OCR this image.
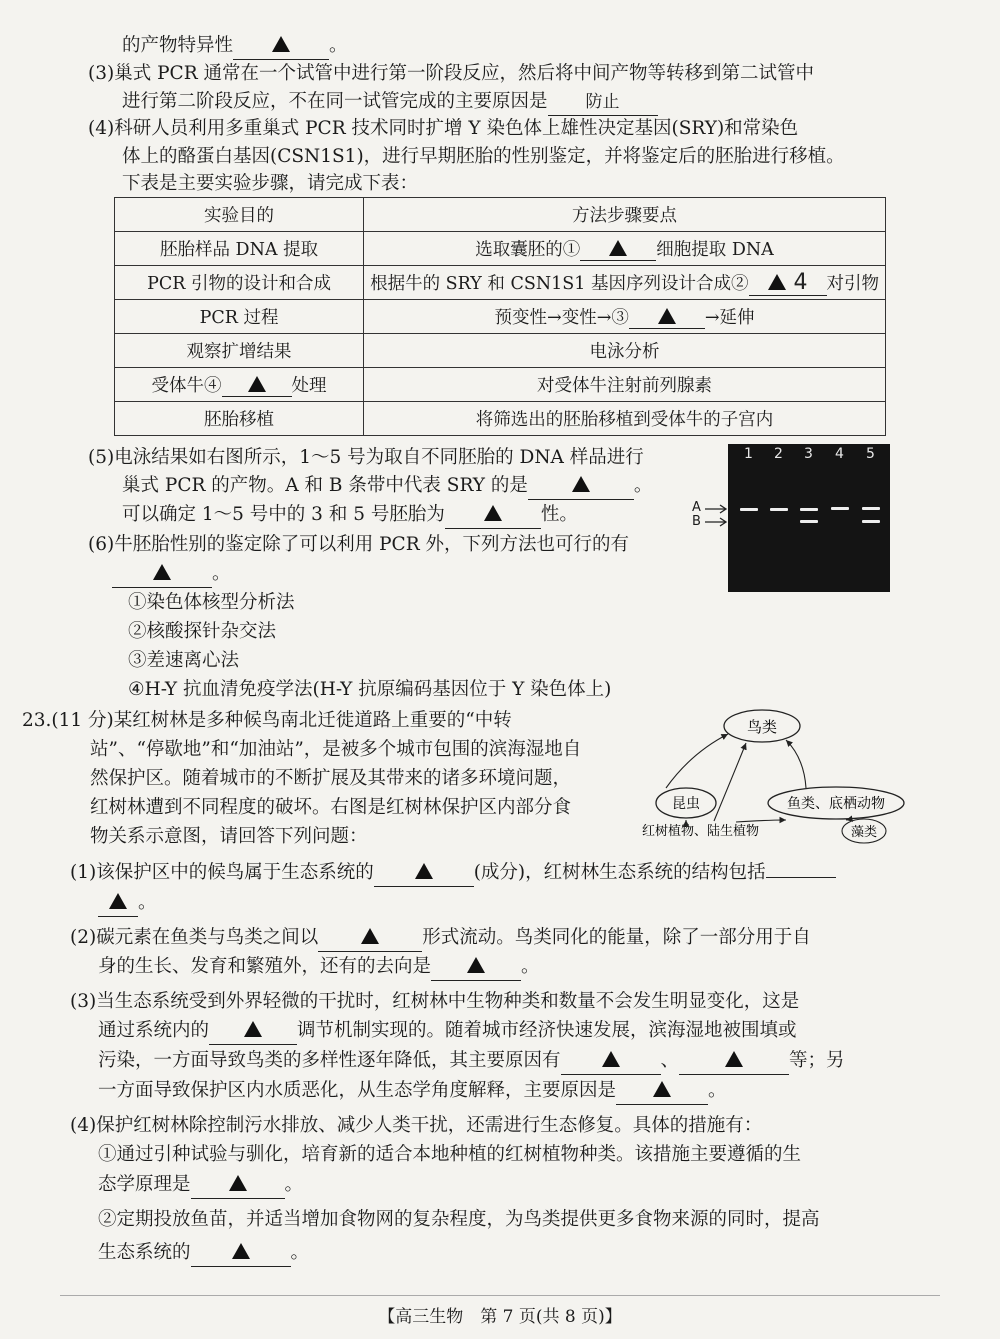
的产物特异性	。
(3)巢式 PCR 通常在一个试管中进行第一阶段反应，然后将中间产物等转移到第二试管中
进行第二阶段反应，不在同一试管完成的主要原因是 防止
(4)科研人员利用多重巢式 PCR 技术同时扩增 Y 染色体上雄性决定基因(SRY)和常染色
体上的酪蛋白基因(CSN1S1)，进行早期胚胎的性别鉴定，并将鉴定后的胚胎进行移植。
下表是主要实验步骤，请完成下表：
实验目的	方法步骤要点
胚胎样品 DNA 提取	选取囊胚的① 细胞提取 DNA
PCR 引物的设计和合成	根据牛的 SRY 和 CSN1S1 基因序列设计合成② 4 对引物
PCR 过程	预变性→变性→③ →延伸
观察扩增结果	电泳分析
受体牛④ 处理	对受体牛注射前列腺素
胚胎移植	将筛选出的胚胎移植到受体牛的子宫内
(5)电泳结果如右图所示，1～5 号为取自不同胚胎的 DNA 样品进行
巢式 PCR 的产物。A 和 B 条带中代表 SRY 的是	。
可以确定 1～5 号中的 3 和 5 号胚胎为	性。
1 2 3 4 5
A
B
(6)牛胚胎性别的鉴定除了可以利用 PCR 外，下列方法也可行的有
。
①染色体核型分析法
②核酸探针杂交法
③差速离心法
④H-Y 抗血清免疫学法(H-Y 抗原编码基因位于 Y 染色体上)
23.(11 分)某红树林是多种候鸟南北迁徙道路上重要的“中转
站”、“停歇地”和“加油站”，是被多个城市包围的滨海湿地自
然保护区。随着城市的不断扩展及其带来的诸多环境问题，
红树林遭到不同程度的破坏。右图是红树林保护区内部分食
物关系示意图，请回答下列问题：
鸟类
昆虫	鱼类、底栖动物
红树植物、陆生植物	藻类
(1)该保护区中的候鸟属于生态系统的	(成分)，红树林生态系统的结构包括
。
(2)碳元素在鱼类与鸟类之间以	形式流动。鸟类同化的能量，除了一部分用于自
身的生长、发育和繁殖外，还有的去向是	。
(3)当生态系统受到外界轻微的干扰时，红树林中生物种类和数量不会发生明显变化，这是
通过系统内的	调节机制实现的。随着城市经济快速发展，滨海湿地被围填或
污染，一方面导致鸟类的多样性逐年降低，其主要原因有	、	等；另
一方面导致保护区内水质恶化，从生态学角度解释，主要原因是	。
(4)保护红树林除控制污水排放、减少人类干扰，还需进行生态修复。具体的措施有：
①通过引种试验与驯化，培育新的适合本地种植的红树植物种类。该措施主要遵循的生
态学原理是	。
②定期投放鱼苗，并适当增加食物网的复杂程度，为鸟类提供更多食物来源的同时，提高
生态系统的	。
【高三生物　第 7 页(共 8 页)】
